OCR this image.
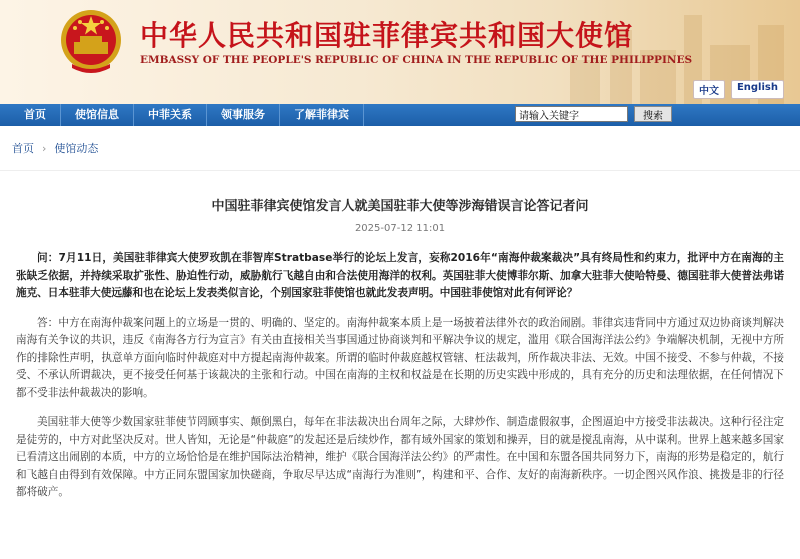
中华人民共和国驻菲律宾共和国大使馆
EMBASSY OF THE PEOPLE'S REPUBLIC OF CHINA IN THE REPUBLIC OF THE PHILIPPINES
中文	English
首页	使馆信息	中菲关系	领事服务	了解菲律宾
请输入关键字	搜索
首页 › 使馆动态
中国驻菲律宾使馆发言人就美国驻菲大使等涉海错误言论答记者问
2025-07-12 11:01

问：7月11日，美国驻菲律宾大使罗玫凯在菲智库Stratbase举行的论坛上发言，妄称2016年“南海仲裁案裁决”具有终局性和约束力，批评中方在南海的主张缺乏依据，并持续采取扩张性、胁迫性行动，威胁航行飞越自由和合法使用海洋的权利。英国驻菲大使博菲尔斯、加拿大驻菲大使哈特曼、德国驻菲大使普法弗诺施克、日本驻菲大使远藤和也在论坛上发表类似言论，个别国家驻菲使馆也就此发表声明。中国驻菲使馆对此有何评论？

答：中方在南海仲裁案问题上的立场是一贯的、明确的、坚定的。南海仲裁案本质上是一场披着法律外衣的政治闹剧。菲律宾违背同中方通过双边协商谈判解决南海有关争议的共识，违反《南海各方行为宣言》有关由直接相关当事国通过协商谈判和平解决争议的规定，滥用《联合国海洋法公约》争端解决机制，无视中方所作的排除性声明，执意单方面向临时仲裁庭对中方提起南海仲裁案。所谓的临时仲裁庭越权管辖、枉法裁判，所作裁决非法、无效。中国不接受、不参与仲裁，不接受、不承认所谓裁决，更不接受任何基于该裁决的主张和行动。中国在南海的主权和权益是在长期的历史实践中形成的，具有充分的历史和法理依据，在任何情况下都不受非法仲裁裁决的影响。

美国驻菲大使等少数国家驻菲使节罔顾事实、颠倒黑白，每年在非法裁决出台周年之际，大肆炒作、制造虚假叙事，企图逼迫中方接受非法裁决。这种行径注定是徒劳的，中方对此坚决反对。世人皆知，无论是“仲裁庭”的发起还是后续炒作，都有域外国家的策划和操弄，目的就是搅乱南海，从中谋利。世界上越来越多国家已看清这出闹剧的本质，中方的立场恰恰是在维护国际法治精神，维护《联合国海洋法公约》的严肃性。在中国和东盟各国共同努力下，南海的形势是稳定的，航行和飞越自由得到有效保障。中方正同东盟国家加快磋商，争取尽早达成“南海行为准则”，构建和平、合作、友好的南海新秩序。一切企图兴风作浪、挑拨是非的行径都将破产。
